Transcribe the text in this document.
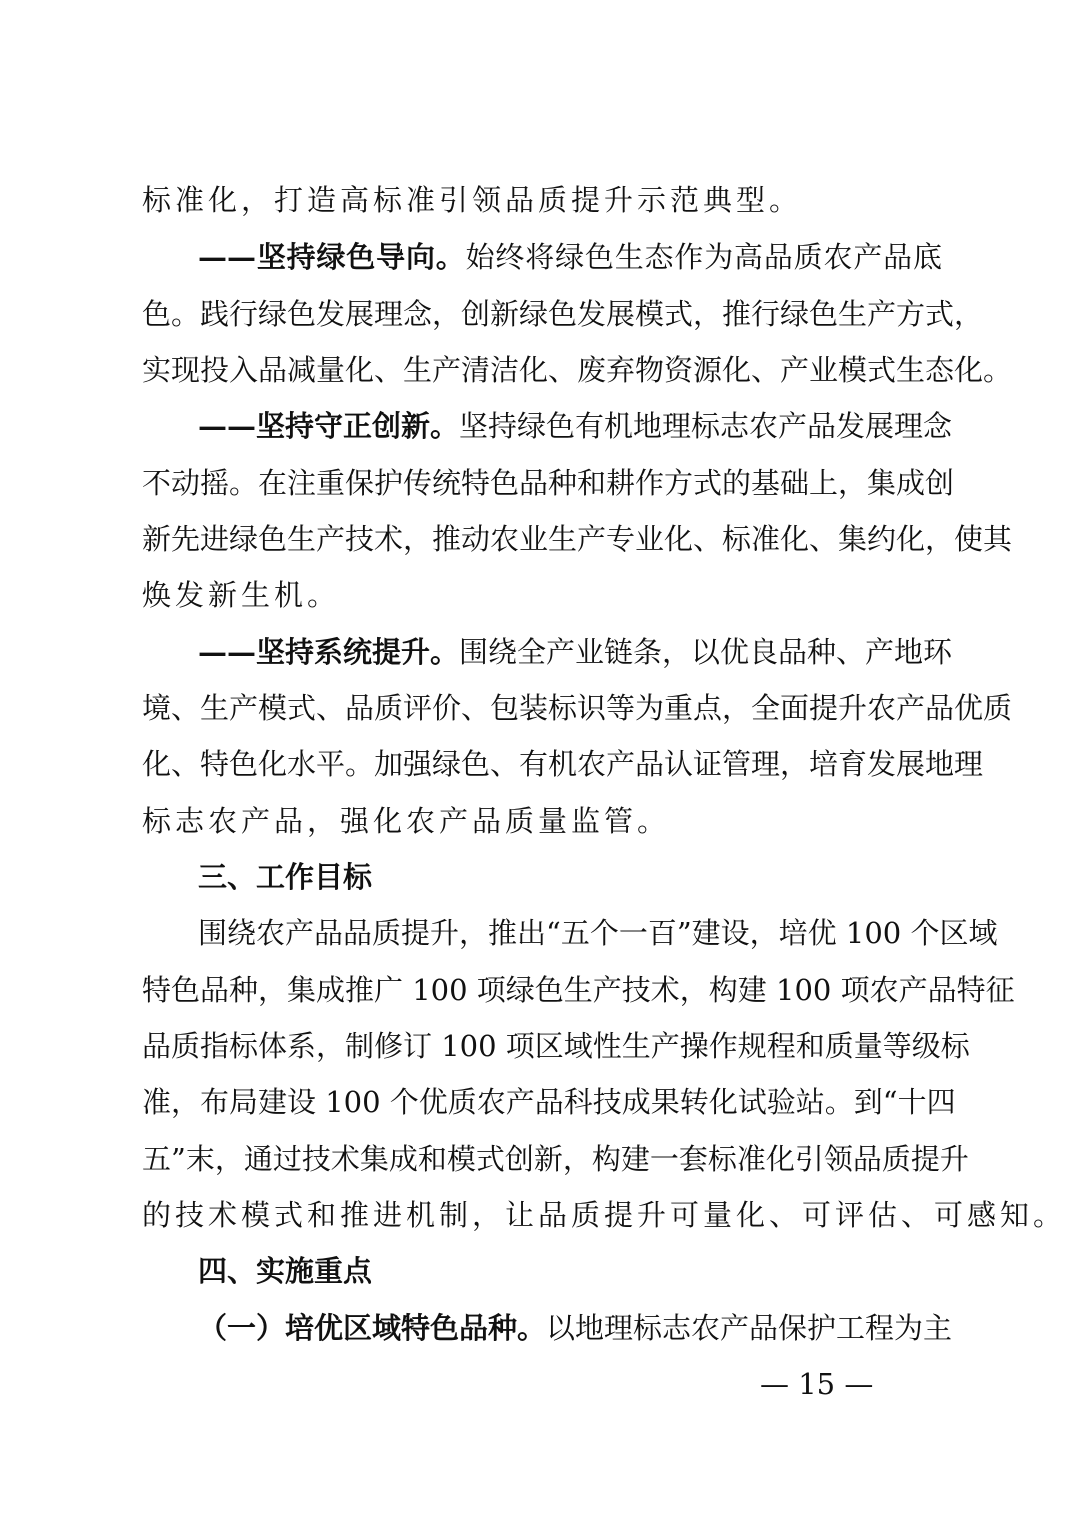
标准化，打造高标准引领品质提升示范典型。
——坚持绿色导向。始终将绿色生态作为高品质农产品底
色。践行绿色发展理念，创新绿色发展模式，推行绿色生产方式，
实现投入品减量化、生产清洁化、废弃物资源化、产业模式生态化。
——坚持守正创新。坚持绿色有机地理标志农产品发展理念
不动摇。在注重保护传统特色品种和耕作方式的基础上，集成创
新先进绿色生产技术，推动农业生产专业化、标准化、集约化，使其
焕发新生机。
——坚持系统提升。围绕全产业链条，以优良品种、产地环
境、生产模式、品质评价、包装标识等为重点，全面提升农产品优质
化、特色化水平。加强绿色、有机农产品认证管理，培育发展地理
标志农产品，强化农产品质量监管。
三、工作目标
围绕农产品品质提升，推出“五个一百”建设，培优 100 个区域
特色品种，集成推广 100 项绿色生产技术，构建 100 项农产品特征
品质指标体系，制修订 100 项区域性生产操作规程和质量等级标
准，布局建设 100 个优质农产品科技成果转化试验站。到“十四
五”末，通过技术集成和模式创新，构建一套标准化引领品质提升
的技术模式和推进机制，让品质提升可量化、可评估、可感知。
四、实施重点
（一）培优区域特色品种。以地理标志农产品保护工程为主
— 15 —
